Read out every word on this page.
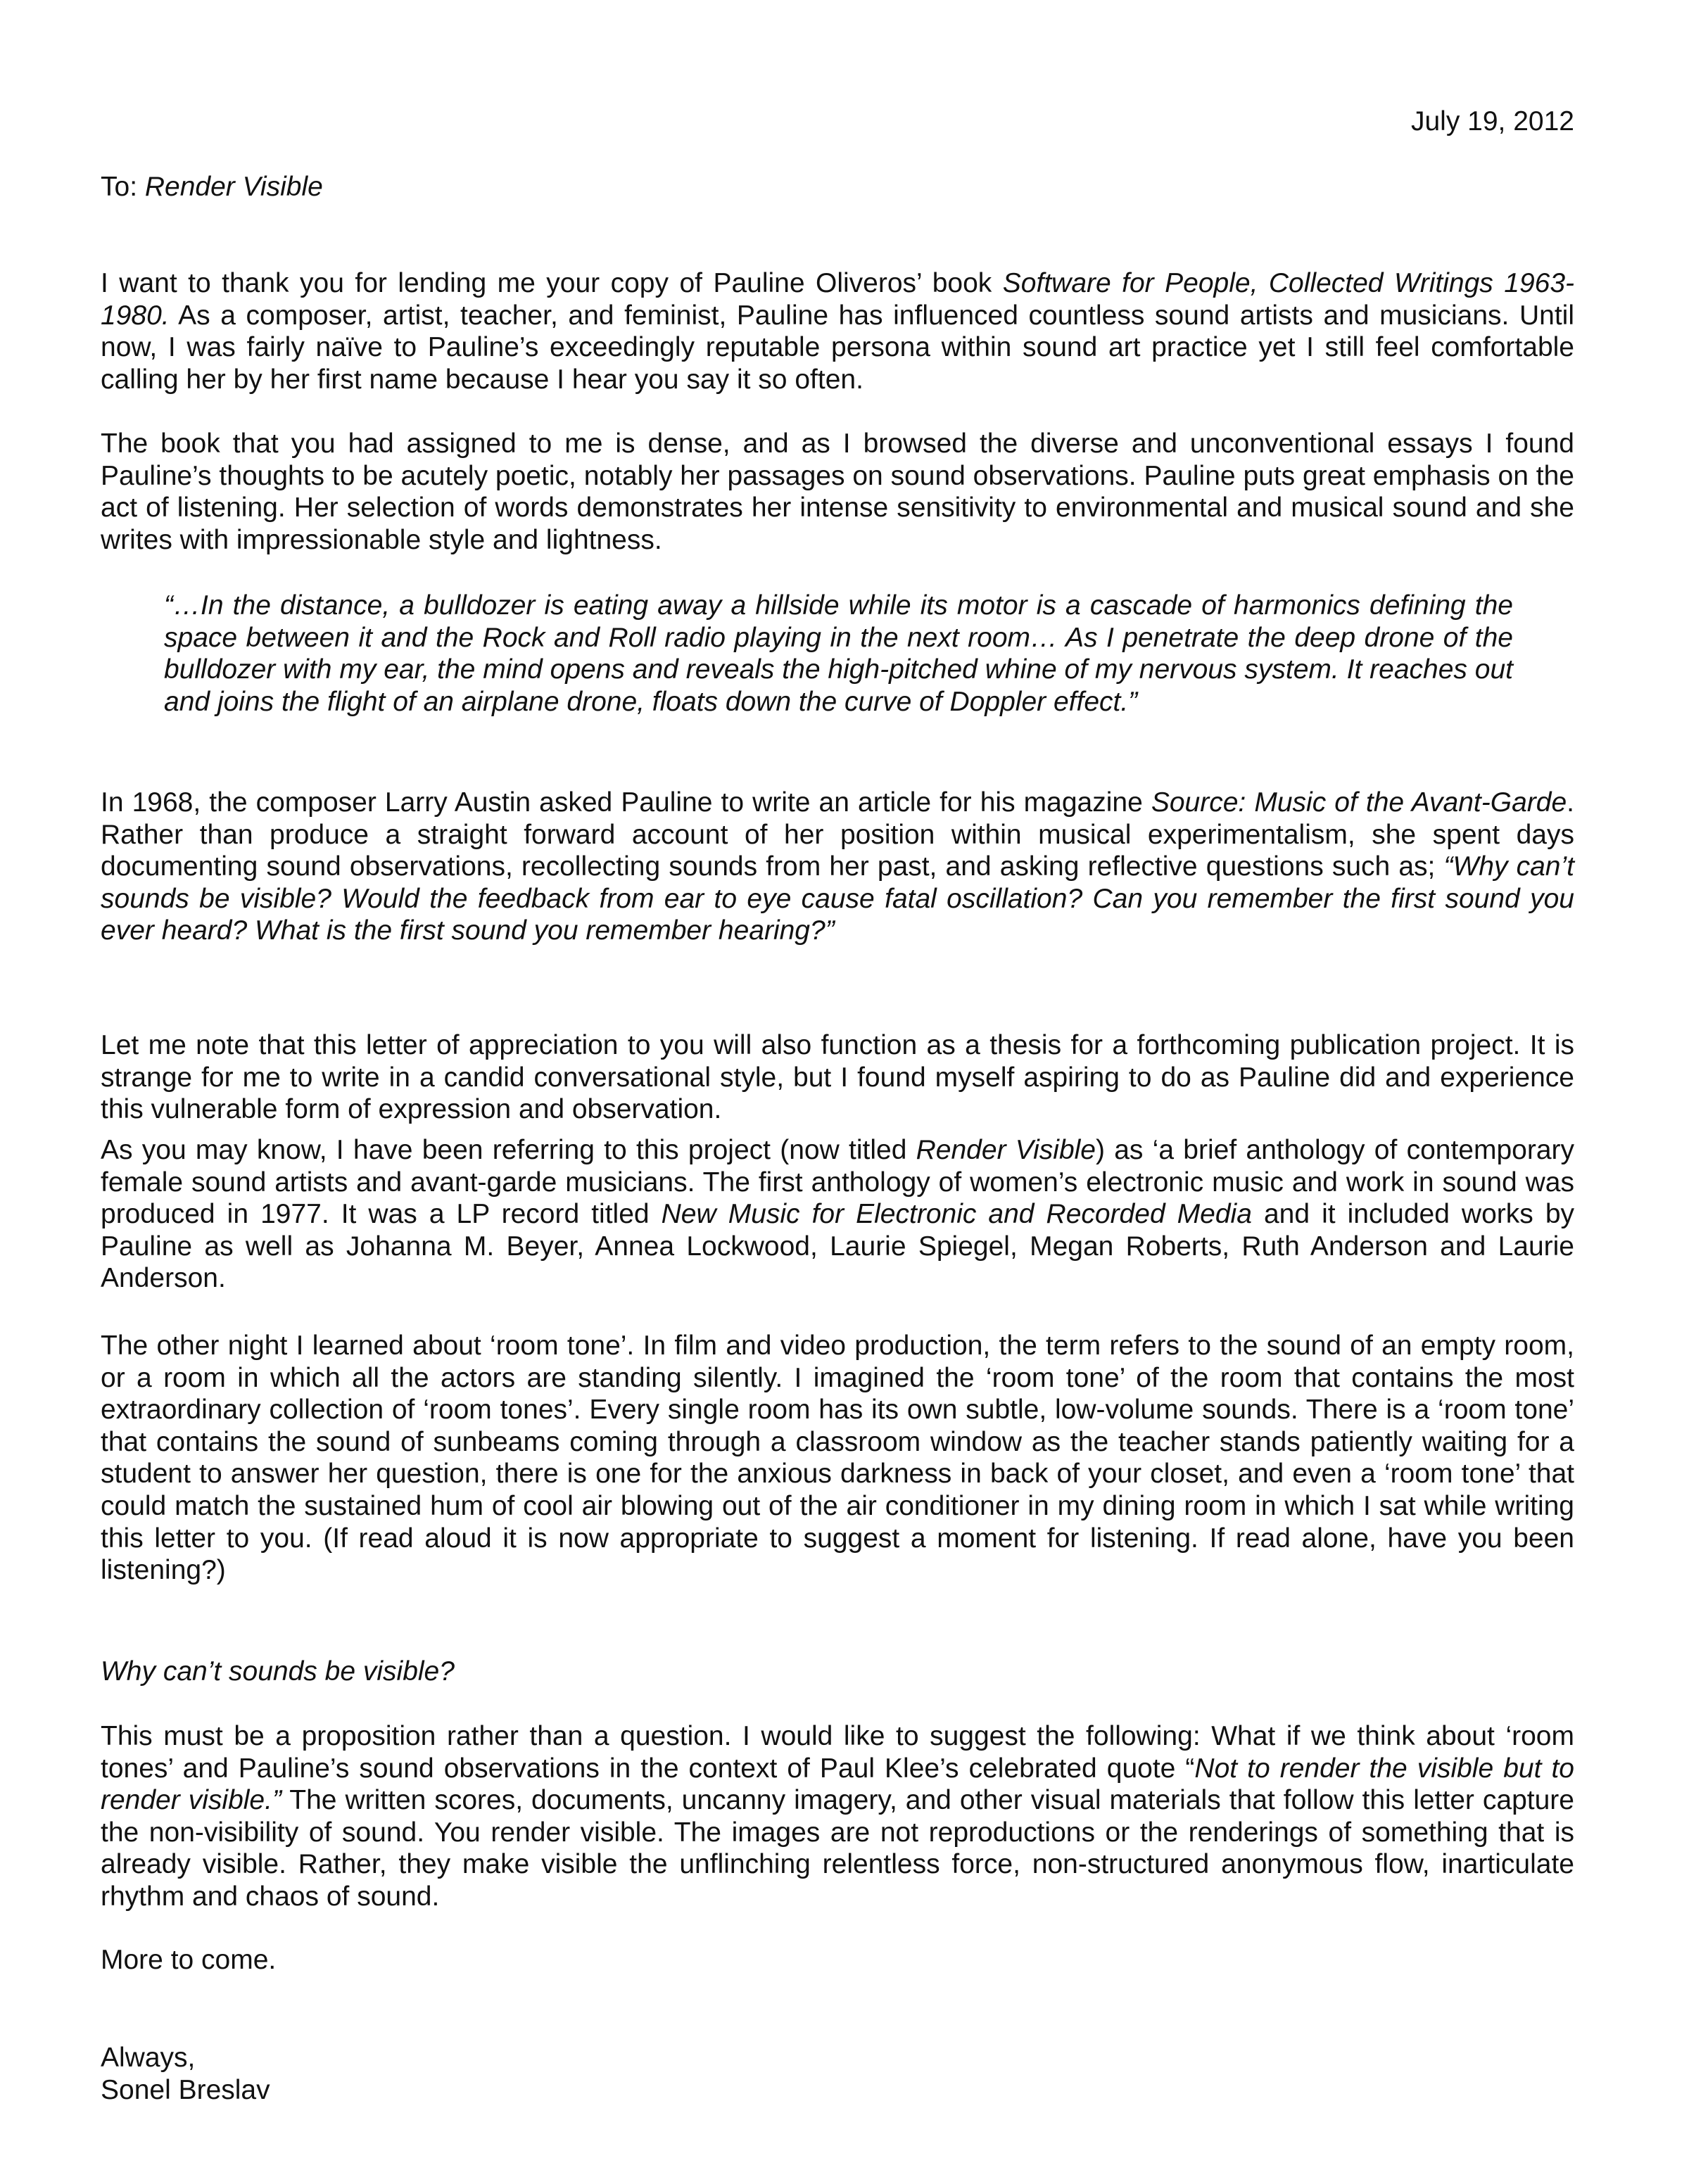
July 19, 2012
To: Render Visible

I want to thank you for lending me your copy of Pauline Oliveros’ book Software for People, Collected Writings 1963-1980. As a composer, artist, teacher, and feminist, Pauline has influenced countless sound artists and musicians. Until now, I was fairly naïve to Pauline’s exceedingly reputable persona within sound art practice yet I still feel comfortable calling her by her first name because I hear you say it so often.

The book that you had assigned to me is dense, and as I browsed the diverse and unconventional essays I found Pauline’s thoughts to be acutely poetic, notably her passages on sound observations. Pauline puts great emphasis on the act of listening. Her selection of words demonstrates her intense sensitivity to environmental and musical sound and she writes with impressionable style and lightness.

“…In the distance, a bulldozer is eating away a hillside while its motor is a cascade of harmonics defining the space between it and the Rock and Roll radio playing in the next room… As I penetrate the deep drone of the bulldozer with my ear, the mind opens and reveals the high-pitched whine of my nervous system. It reaches out and joins the flight of an airplane drone, floats down the curve of Doppler effect.”

In 1968, the composer Larry Austin asked Pauline to write an article for his magazine Source: Music of the Avant-Garde. Rather than produce a straight forward account of her position within musical experimentalism, she spent days documenting sound observations, recollecting sounds from her past, and asking reflective questions such as; “Why can’t sounds be visible? Would the feedback from ear to eye cause fatal oscillation? Can you remember the first sound you ever heard? What is the first sound you remember hearing?”

Let me note that this letter of appreciation to you will also function as a thesis for a forthcoming publication project. It is strange for me to write in a candid conversational style, but I found myself aspiring to do as Pauline did and experience this vulnerable form of expression and observation.

As you may know, I have been referring to this project (now titled Render Visible) as ‘a brief anthology of contemporary female sound artists and avant-garde musicians. The first anthology of women’s electronic music and work in sound was produced in 1977. It was a LP record titled New Music for Electronic and Recorded Media and it included works by Pauline as well as Johanna M. Beyer, Annea Lockwood, Laurie Spiegel, Megan Roberts, Ruth Anderson and Laurie Anderson.

The other night I learned about ‘room tone’. In film and video production, the term refers to the sound of an empty room, or a room in which all the actors are standing silently. I imagined the ‘room tone’ of the room that contains the most extraordinary collection of ‘room tones’. Every single room has its own subtle, low-volume sounds. There is a ‘room tone’ that contains the sound of sunbeams coming through a classroom window as the teacher stands patiently waiting for a student to answer her question, there is one for the anxious darkness in back of your closet, and even a ‘room tone’ that could match the sustained hum of cool air blowing out of the air conditioner in my dining room in which I sat while writing this letter to you. (If read aloud it is now appropriate to suggest a moment for listening. If read alone, have you been listening?)

Why can’t sounds be visible?

This must be a proposition rather than a question. I would like to suggest the following: What if we think about ‘room tones’ and Pauline’s sound observations in the context of Paul Klee’s celebrated quote “Not to render the visible but to render visible.” The written scores, documents, uncanny imagery, and other visual materials that follow this letter capture the non-visibility of sound. You render visible. The images are not reproductions or the renderings of something that is already visible. Rather, they make visible the unflinching relentless force, non-structured anonymous flow, inarticulate rhythm and chaos of sound.

More to come.

Always,
Sonel Breslav
